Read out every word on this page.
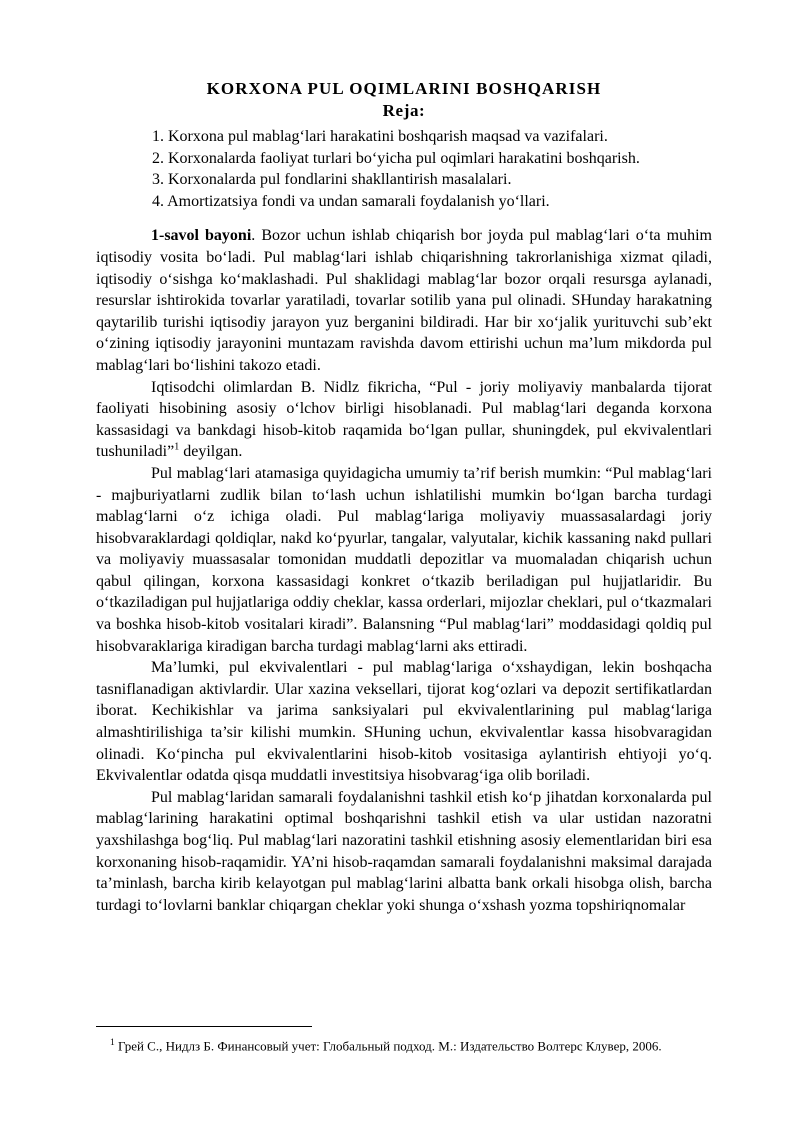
KORXONA PUL OQIMLARINI BOSHQARISH
Reja:
1. Korxona pul mablag‘lari harakatini boshqarish maqsad va vazifalari.
2. Korxonalarda faoliyat turlari bo‘yicha pul oqimlari harakatini boshqarish.
3. Korxonalarda pul fondlarini shakllantirish masalalari.
4. Amortizatsiya fondi va undan samarali foydalanish yo‘llari.

1-savol bayoni. Bozor uchun ishlab chiqarish bor joyda pul mablag‘lari o‘ta muhim iqtisodiy vosita bo‘ladi. Pul mablag‘lari ishlab chiqarishning takrorlanishiga xizmat qiladi, iqtisodiy o‘sishga ko‘maklashadi. Pul shaklidagi mablag‘lar bozor orqali resursga aylanadi, resurslar ishtirokida tovarlar yaratiladi, tovarlar sotilib yana pul olinadi. SHunday harakatning qaytarilib turishi iqtisodiy jarayon yuz berganini bildiradi. Har bir xo‘jalik yurituvchi sub’ekt o‘zining iqtisodiy jarayonini muntazam ravishda davom ettirishi uchun ma’lum mikdorda pul mablag‘lari bo‘lishini takozo etadi.

Iqtisodchi olimlardan B. Nidlz fikricha, “Pul - joriy moliyaviy manbalarda tijorat faoliyati hisobining asosiy o‘lchov birligi hisoblanadi. Pul mablag‘lari deganda korxona kassasidagi va bankdagi hisob-kitob raqamida bo‘lgan pullar, shuningdek, pul ekvivalentlari tushuniladi”$^1$ deyilgan.

Pul mablag‘lari atamasiga quyidagicha umumiy ta’rif berish mumkin: “Pul mablag‘lari - majburiyatlarni zudlik bilan to‘lash uchun ishlatilishi mumkin bo‘lgan barcha turdagi mablag‘larni o‘z ichiga oladi. Pul mablag‘lariga moliyaviy muassasalardagi joriy hisobvaraklardagi qoldiqlar, nakd ko‘pyurlar, tangalar, valyutalar, kichik kassaning nakd pullari va moliyaviy muassasalar tomonidan muddatli depozitlar va muomaladan chiqarish uchun qabul qilingan, korxona kassasidagi konkret o‘tkazib beriladigan pul hujjatlaridir. Bu o‘tkaziladigan pul hujjatlariga oddiy cheklar, kassa orderlari, mijozlar cheklari, pul o‘tkazmalari va boshka hisob-kitob vositalari kiradi”. Balansning “Pul mablag‘lari” moddasidagi qoldiq pul hisobvaraklariga kiradigan barcha turdagi mablag‘larni aks ettiradi.

Ma’lumki, pul ekvivalentlari - pul mablag‘lariga o‘xshaydigan, lekin boshqacha tasniflanadigan aktivlardir. Ular xazina veksellari, tijorat kog‘ozlari va depozit sertifikatlardan iborat. Kechikishlar va jarima sanksiyalari pul ekvivalentlarining pul mablag‘lariga almashtirilishiga ta’sir kilishi mumkin. SHuning uchun, ekvivalentlar kassa hisobvaragidan olinadi. Ko‘pincha pul ekvivalentlarini hisob-kitob vositasiga aylantirish ehtiyoji yo‘q. Ekvivalentlar odatda qisqa muddatli investitsiya hisobvarag‘iga olib boriladi.

Pul mablag‘laridan samarali foydalanishni tashkil etish ko‘p jihatdan korxonalarda pul mablag‘larining harakatini optimal boshqarishni tashkil etish va ular ustidan nazoratni yaxshilashga bog‘liq. Pul mablag‘lari nazoratini tashkil etishning asosiy elementlaridan biri esa korxonaning hisob-raqamidir. YA’ni hisob-raqamdan samarali foydalanishni maksimal darajada ta’minlash, barcha kirib kelayotgan pul mablag‘larini albatta bank orkali hisobga olish, barcha turdagi to‘lovlarni banklar chiqargan cheklar yoki shunga o‘xshash yozma topshiriqnomalar

$^1$ Грей С., Нидлз Б. Финансовый учет: Глобальный подход. М.: Издательство Волтерс Клувер, 2006.
